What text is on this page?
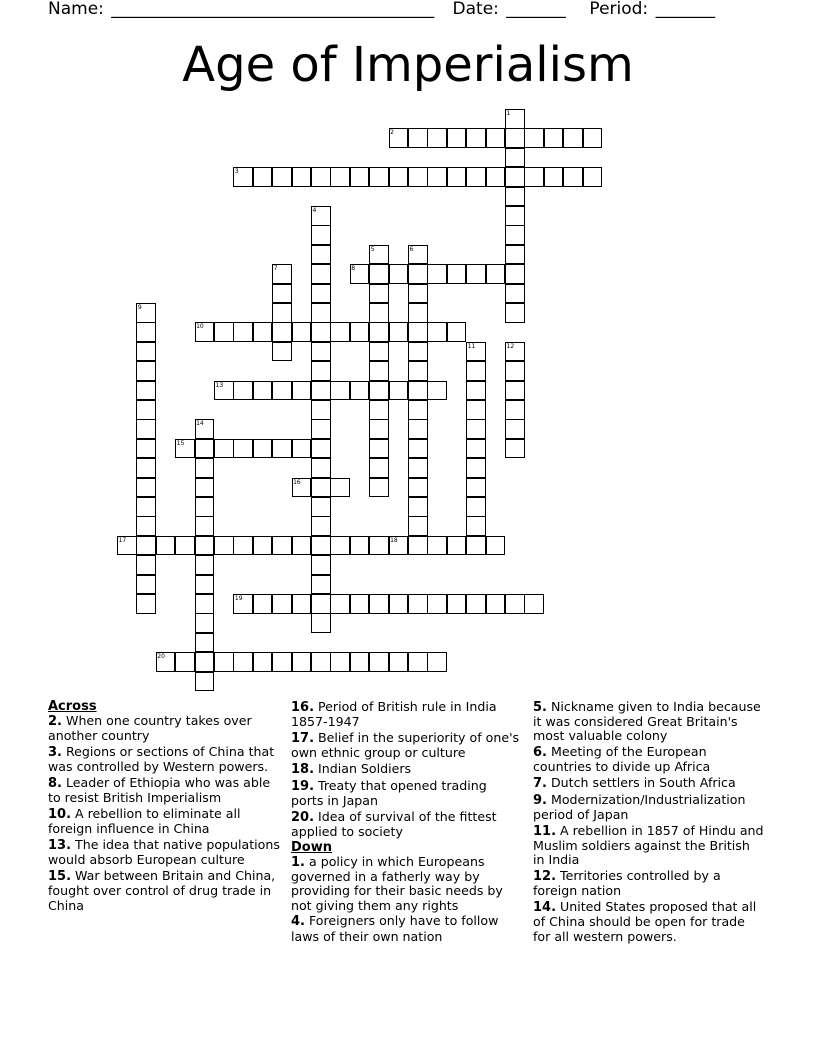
Name: ______________________________________ Date: _______ Period: _______
Age of Imperialism
1
2
3
4
5	6
7	8
9
10
11	12
13
14
15
16
17	18
19
20
Across
2. When one country takes over another country
3. Regions or sections of China that was controlled by Western powers.
8. Leader of Ethiopia who was able to resist British Imperialism
10. A rebellion to eliminate all foreign influence in China
13. The idea that native populations would absorb European culture
15. War between Britain and China, fought over control of drug trade in China
16. Period of British rule in India 1857-1947
17. Belief in the superiority of one's own ethnic group or culture
18. Indian Soldiers
19. Treaty that opened trading ports in Japan
20. Idea of survival of the fittest applied to society
Down
1. a policy in which Europeans governed in a fatherly way by providing for their basic needs by not giving them any rights
4. Foreigners only have to follow laws of their own nation
5. Nickname given to India because it was considered Great Britain's most valuable colony
6. Meeting of the European countries to divide up Africa
7. Dutch settlers in South Africa
9. Modernization/Industrialization period of Japan
11. A rebellion in 1857 of Hindu and Muslim soldiers against the British in India
12. Territories controlled by a foreign nation
14. United States proposed that all of China should be open for trade for all western powers.
